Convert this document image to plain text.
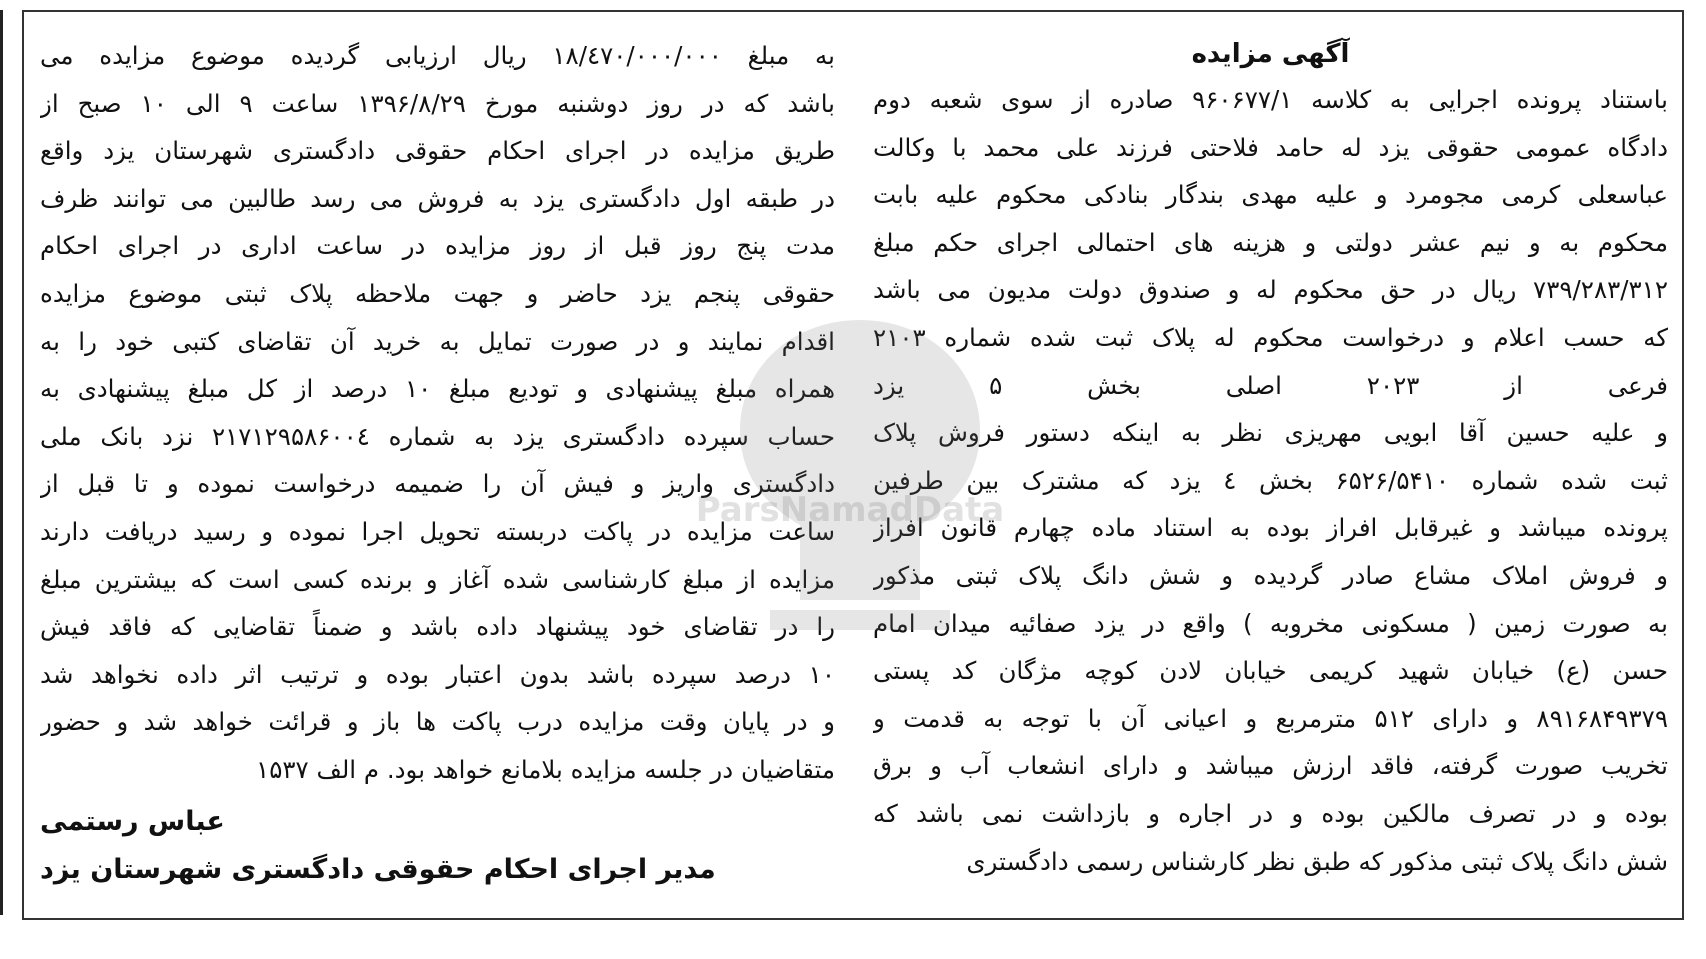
آگهی مزایده
باستناد پرونده اجرایی به کلاسه ۹۶۰۶۷۷/۱ صادره از سوی شعبه دوم
دادگاه عمومی حقوقی یزد له حامد فلاحتی فرزند علی محمد با وکالت
عباسعلی کرمی مجومرد و علیه مهدی بندگار بنادکی محکوم علیه بابت
محکوم به و نیم عشر دولتی و هزینه های احتمالی اجرای حکم مبلغ
۷۳۹/۲۸۳/۳۱۲ ریال در حق محکوم له و صندوق دولت مدیون می باشد
که حسب اعلام و درخواست محکوم له پلاک ثبت شده شماره ۲۱۰۳
فرعی از ۲۰۲۳ اصلی بخش ۵ یزد
و علیه حسین آقا ابویی مهریزی نظر به اینکه دستور فروش پلاک
ثبت شده شماره ۶۵۲۶/۵۴۱۰ بخش ٤ یزد که مشترک بین طرفین
پرونده میباشد و غیرقابل افراز بوده به استناد ماده چهارم قانون افراز
و فروش املاک مشاع صادر گردیده و شش دانگ پلاک ثبتی مذکور
به صورت زمین ( مسکونی مخروبه ) واقع در یزد صفائیه میدان امام
حسن (ع) خیابان شهید کریمی خیابان لادن کوچه مژگان کد پستی
۸۹۱۶۸۴۹۳۷۹ و دارای ۵۱۲ مترمربع و اعیانی آن با توجه به قدمت و
تخریب صورت گرفته، فاقد ارزش میباشد و دارای انشعاب آب و برق
بوده و در تصرف مالکین بوده و در اجاره و بازداشت نمی باشد که
شش دانگ پلاک ثبتی مذکور که طبق نظر کارشناس رسمی دادگستری
به مبلغ ۱۸/٤۷۰/۰۰۰/۰۰۰ ریال ارزیابی گردیده موضوع مزایده می
باشد که در روز دوشنبه مورخ ۱۳۹۶/۸/۲۹ ساعت ۹ الی ۱۰ صبح از
طریق مزایده در اجرای احکام حقوقی دادگستری شهرستان یزد واقع
در طبقه اول دادگستری یزد به فروش می رسد طالبین می توانند ظرف
مدت پنج روز قبل از روز مزایده در ساعت اداری در اجرای احکام
حقوقی پنجم یزد حاضر و جهت ملاحظه پلاک ثبتی موضوع مزایده
اقدام نمایند و در صورت تمایل به خرید آن تقاضای کتبی خود را به
همراه مبلغ پیشنهادی و تودیع مبلغ ۱۰ درصد از کل مبلغ پیشنهادی به
حساب سپرده دادگستری یزد به شماره ۲۱۷۱۲۹۵۸۶۰۰٤ نزد بانک ملی
دادگستری واریز و فیش آن را ضمیمه درخواست نموده و تا قبل از
ساعت مزایده در پاکت دربسته تحویل اجرا نموده و رسید دریافت دارند
مزایده از مبلغ کارشناسی شده آغاز و برنده کسی است که بیشترین مبلغ
را در تقاضای خود پیشنهاد داده باشد و ضمناً تقاضایی که فاقد فیش
۱۰ درصد سپرده باشد بدون اعتبار بوده و ترتیب اثر داده نخواهد شد
و در پایان وقت مزایده درب پاکت ها باز و قرائت خواهد شد و حضور
متقاضیان در جلسه مزایده بلامانع خواهد بود. م الف ۱۵۳۷
عباس رستمی
مدیر اجرای احکام حقوقی دادگستری شهرستان یزد
ParsNamadData
